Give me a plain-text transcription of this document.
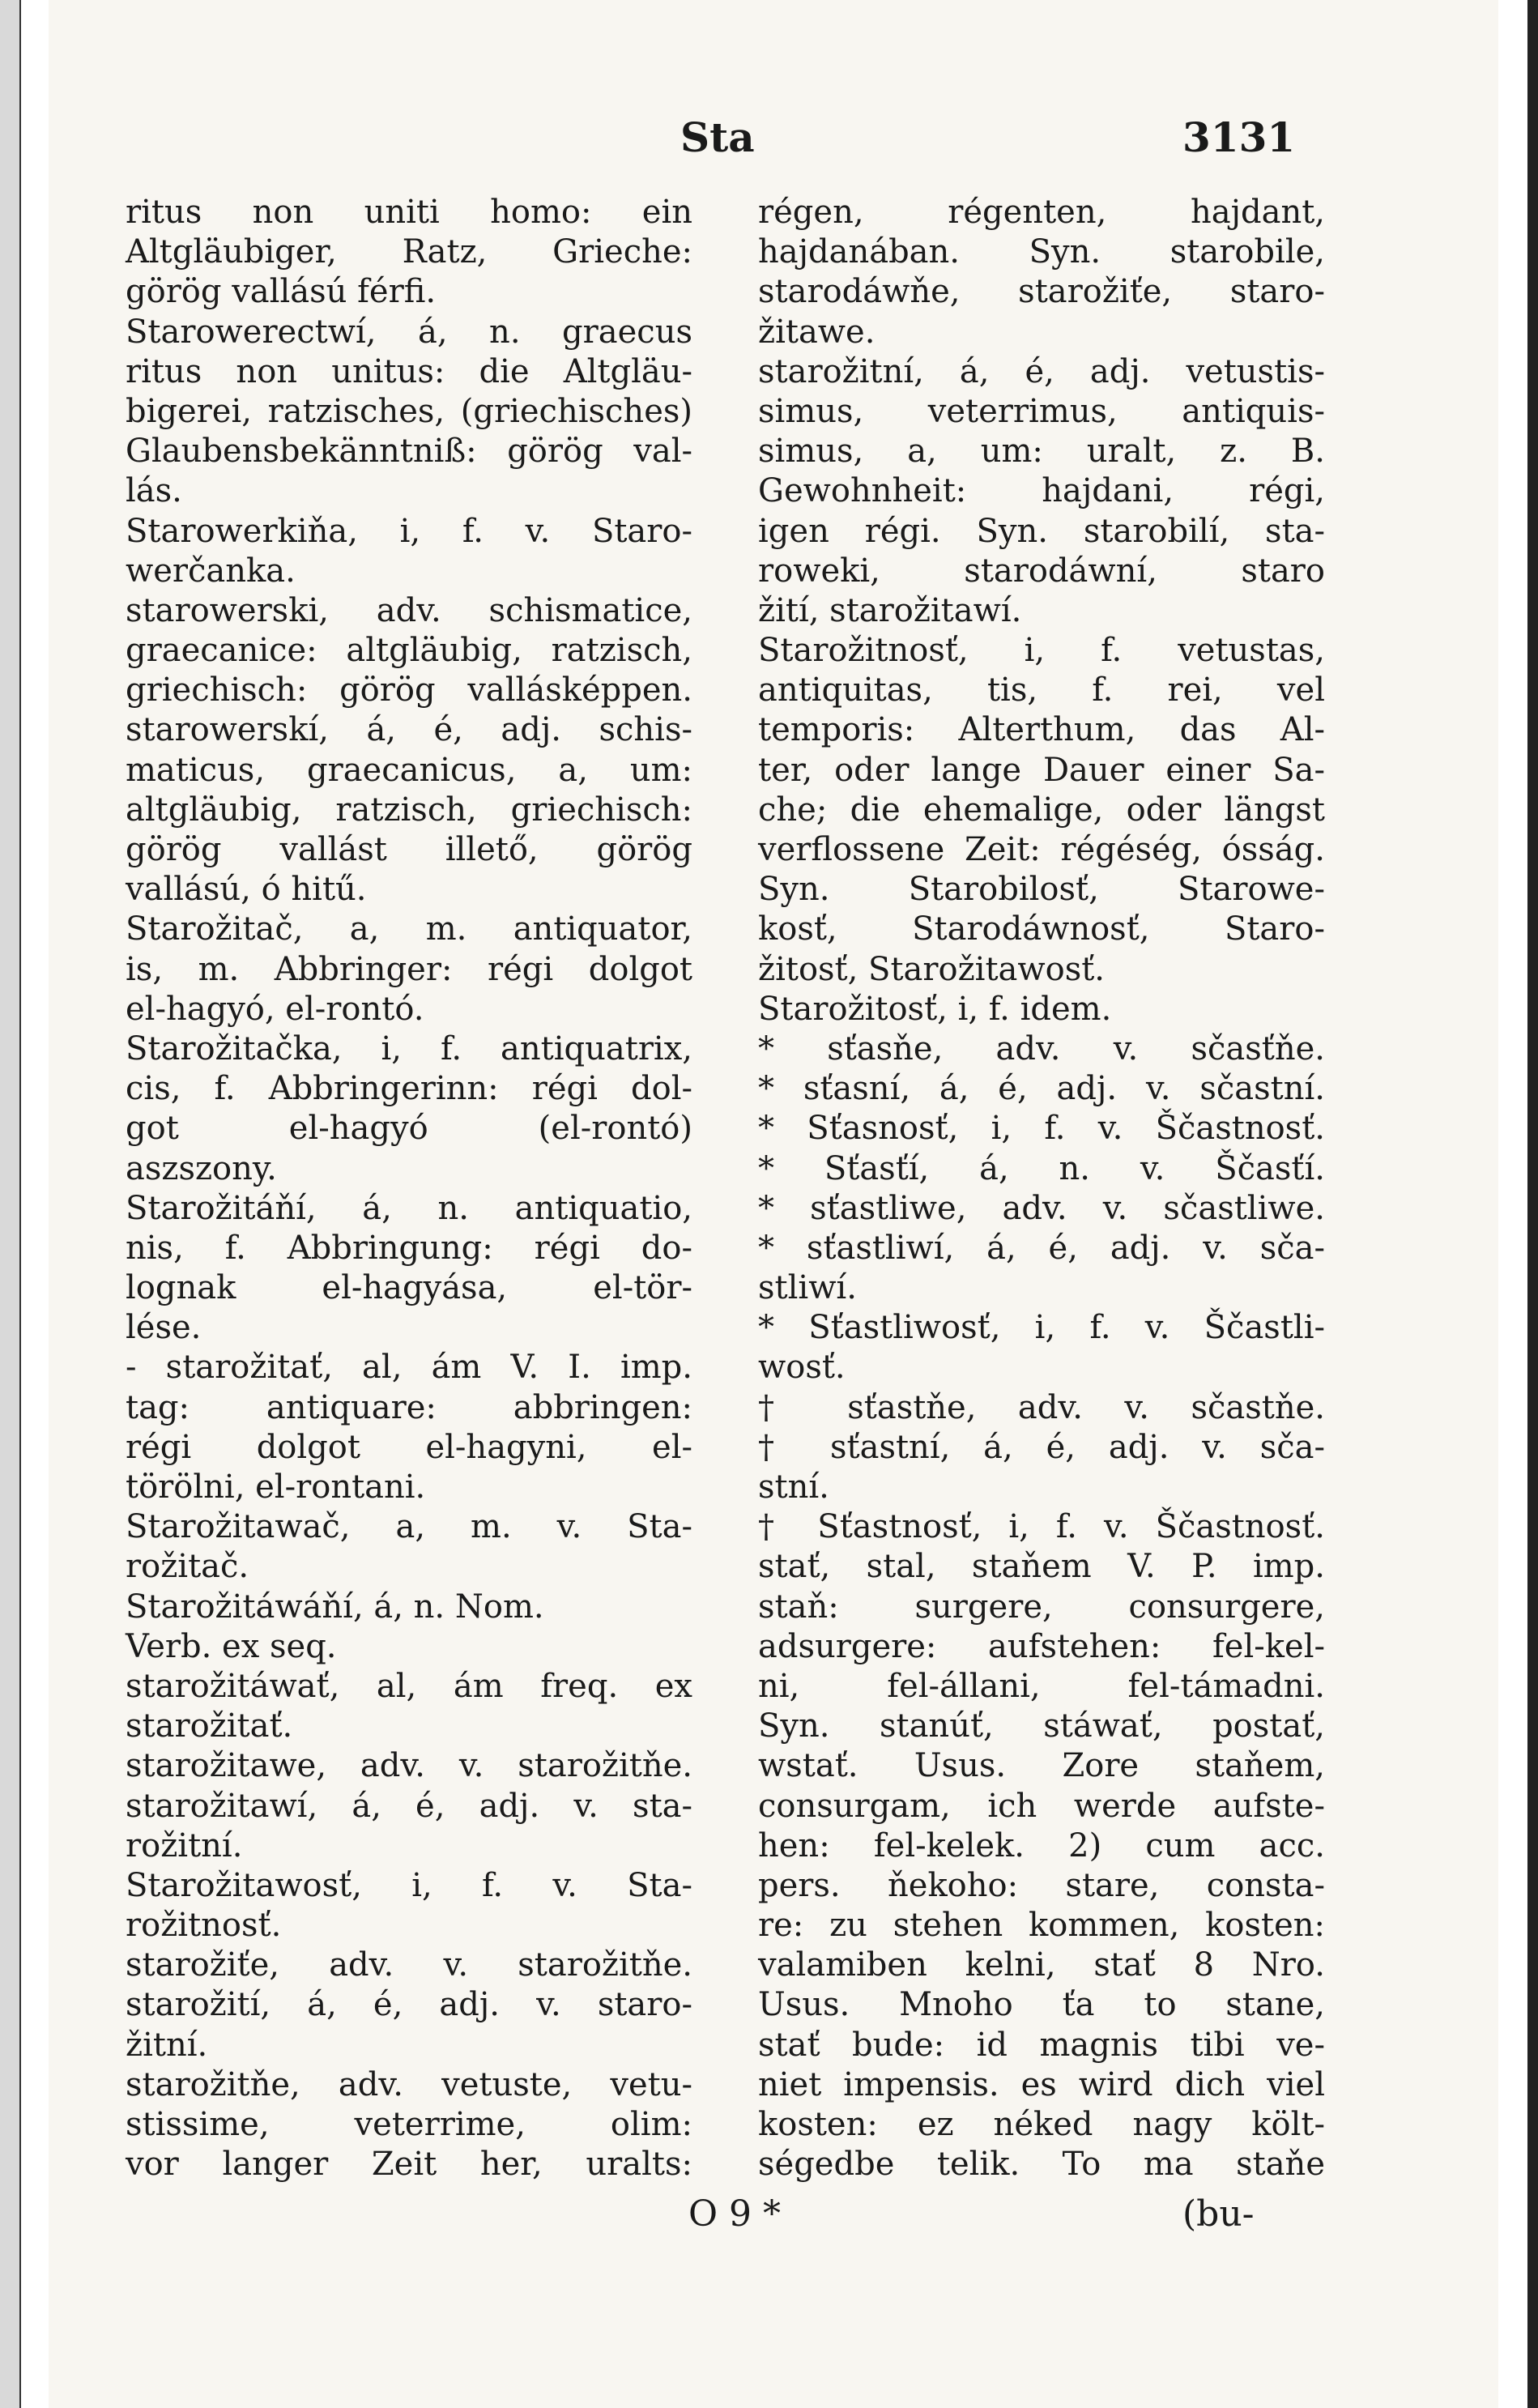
Sta	3131
ritus non uniti homo: ein
Altgläubiger, Ratz, Grieche:
görög vallású férfi.
Starowerectwí, á, n. graecus
ritus non unitus: die Altgläu-
bigerei, ratzisches, (griechisches)
Glaubensbekänntniß: görög val-
lás.
Starowerkiňa, i, f. v. Staro-
werčanka.
starowerski, adv. schismatice,
graecanice: altgläubig, ratzisch,
griechisch: görög vallásképpen.
starowerskí, á, é, adj. schis-
maticus, graecanicus, a, um:
altgläubig, ratzisch, griechisch:
görög vallást illető, görög
vallású, ó hitű.
Starožitač, a, m. antiquator,
is, m. Abbringer: régi dolgot
el-hagyó, el-rontó.
Starožitačka, i, f. antiquatrix,
cis, f. Abbringerinn: régi dol-
got el-hagyó (el-rontó)
aszszony.
Starožitáňí, á, n. antiquatio,
nis, f. Abbringung: régi do-
lognak el-hagyása, el-tör-
lése.
- starožitať, al, ám V. I. imp.
tag: antiquare: abbringen:
régi dolgot el-hagyni, el-
törölni, el-rontani.
Starožitawač, a, m. v. Sta-
rožitač.
Starožitáwáňí, á, n. Nom.
Verb. ex seq.
starožitáwať, al, ám freq. ex
starožitať.
starožitawe, adv. v. starožitňe.
starožitawí, á, é, adj. v. sta-
rožitní.
Starožitawosť, i, f. v. Sta-
rožitnosť.
starožiťe, adv. v. starožitňe.
starožití, á, é, adj. v. staro-
žitní.
starožitňe, adv. vetuste, vetu-
stissime, veterrime, olim:
vor langer Zeit her, uralts:
régen, régenten, hajdant,
hajdanában. Syn. starobile,
starodáwňe, starožiťe, staro-
žitawe.
starožitní, á, é, adj. vetustis-
simus, veterrimus, antiquis-
simus, a, um: uralt, z. B.
Gewohnheit: hajdani, régi,
igen régi. Syn. starobilí, sta-
roweki, starodáwní, staro
žití, starožitawí.
Starožitnosť, i, f. vetustas,
antiquitas, tis, f. rei, vel
temporis: Alterthum, das Al-
ter, oder lange Dauer einer Sa-
che; die ehemalige, oder längst
verflossene Zeit: régéség, ósság.
Syn. Starobilosť, Starowe-
kosť, Starodáwnosť, Staro-
žitosť, Starožitawosť.
Starožitosť, i, f. idem.
* sťasňe, adv. v. sčasťňe.
* sťasní, á, é, adj. v. sčastní.
* Sťasnosť, i, f. v. Ščastnosť.
* Sťasťí, á, n. v. Ščasťí.
* sťastliwe, adv. v. sčastliwe.
* sťastliwí, á, é, adj. v. sča-
stliwí.
* Sťastliwosť, i, f. v. Ščastli-
wosť.
† sťastňe, adv. v. sčastňe.
† sťastní, á, é, adj. v. sča-
stní.
† Sťastnosť, i, f. v. Ščastnosť.
stať, stal, staňem V. P. imp.
staň: surgere, consurgere,
adsurgere: aufstehen: fel-kel-
ni, fel-állani, fel-támadni.
Syn. stanúť, stáwať, postať,
wstať. Usus. Zore staňem,
consurgam, ich werde aufste-
hen: fel-kelek. 2) cum acc.
pers. ňekoho: stare, consta-
re: zu stehen kommen, kosten:
valamiben kelni, stať 8 Nro.
Usus. Mnoho ťa to stane,
stať bude: id magnis tibi ve-
niet impensis. es wird dich viel
kosten: ez néked nagy költ-
ségedbe telik. To ma staňe
O 9 *	(bu-
